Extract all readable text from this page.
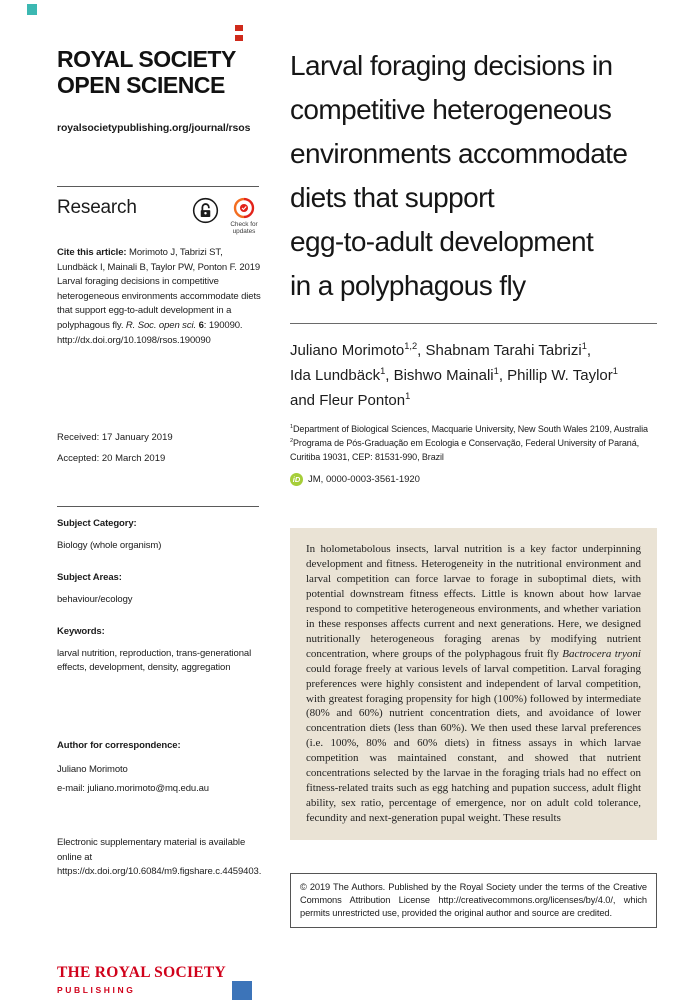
ROYAL SOCIETY
OPEN SCIENCE
royalsocietypublishing.org/journal/rsos
Research
Check for
updates
Cite this article: Morimoto J, Tabrizi ST, Lundbäck I, Mainali B, Taylor PW, Ponton F. 2019 Larval foraging decisions in competitive heterogeneous environments accommodate diets that support egg-to-adult development in a polyphagous fly. R. Soc. open sci. 6: 190090.
http://dx.doi.org/10.1098/rsos.190090
Received: 17 January 2019
Accepted: 20 March 2019
Subject Category:
Biology (whole organism)
Subject Areas:
behaviour/ecology
Keywords:
larval nutrition, reproduction, trans-generational effects, development, density, aggregation
Author for correspondence:
Juliano Morimoto
e-mail: juliano.morimoto@mq.edu.au
Electronic supplementary material is available online at https://dx.doi.org/10.6084/m9.figshare.c.4459403.
THE ROYAL SOCIETY
PUBLISHING
Larval foraging decisions in
competitive heterogeneous
environments accommodate
diets that support
egg-to-adult development
in a polyphagous fly
Juliano Morimoto$^{1,2}$, Shabnam Tarahi Tabrizi$^1$, Ida Lundbäck$^1$, Bishwo Mainali$^1$, Phillip W. Taylor$^1$ and Fleur Ponton$^1$
$^1$Department of Biological Sciences, Macquarie University, New South Wales 2109, Australia
$^2$Programa de Pós-Graduação em Ecologia e Conservação, Federal University of Paraná, Curitiba 19031, CEP: 81531-990, Brazil
iD JM, 0000-0003-3561-1920
In holometabolous insects, larval nutrition is a key factor underpinning development and fitness. Heterogeneity in the nutritional environment and larval competition can force larvae to forage in suboptimal diets, with potential downstream fitness effects. Little is known about how larvae respond to competitive heterogeneous environments, and whether variation in these responses affects current and next generations. Here, we designed nutritionally heterogeneous foraging arenas by modifying nutrient concentration, where groups of the polyphagous fruit fly Bactrocera tryoni could forage freely at various levels of larval competition. Larval foraging preferences were highly consistent and independent of larval competition, with greatest foraging propensity for high (100%) followed by intermediate (80% and 60%) nutrient concentration diets, and avoidance of lower concentration diets (less than 60%). We then used these larval preferences (i.e. 100%, 80% and 60% diets) in fitness assays in which larvae competition was maintained constant, and showed that nutrient concentrations selected by the larvae in the foraging trials had no effect on fitness-related traits such as egg hatching and pupation success, adult flight ability, sex ratio, percentage of emergence, nor on adult cold tolerance, fecundity and next-generation pupal weight. These results
© 2019 The Authors. Published by the Royal Society under the terms of the Creative Commons Attribution License http://creativecommons.org/licenses/by/4.0/, which permits unrestricted use, provided the original author and source are credited.
